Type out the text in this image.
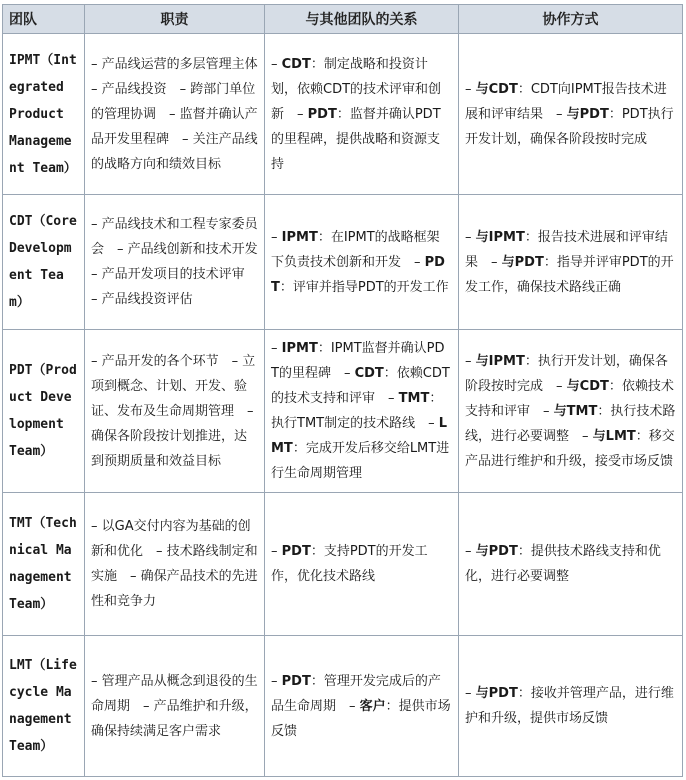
团队	职责	与其他团队的关系	协作方式
IPMT（Integrated Product Management Team）	– 产品线运营的多层管理主体　– 产品线投资　– 跨部门单位的管理协调　– 监督并确认产品开发里程碑　– 关注产品线的战略方向和绩效目标	– CDT：制定战略和投资计划，依赖CDT的技术评审和创新　– PDT：监督并确认PDT的里程碑，提供战略和资源支持	– 与CDT：CDT向IPMT报告技术进展和评审结果　– 与PDT：PDT执行开发计划，确保各阶段按时完成
CDT（Core Development Team）	– 产品线技术和工程专家委员会　– 产品线创新和技术开发　– 产品开发项目的技术评审　– 产品线投资评估	– IPMT：在IPMT的战略框架下负责技术创新和开发　– PDT：评审并指导PDT的开发工作	– 与IPMT：报告技术进展和评审结果　– 与PDT：指导并评审PDT的开发工作，确保技术路线正确
PDT（Product Development Team）	– 产品开发的各个环节　– 立项到概念、计划、开发、验证、发布及生命周期管理　– 确保各阶段按计划推进，达到预期质量和效益目标	– IPMT：IPMT监督并确认PDT的里程碑　– CDT：依赖CDT的技术支持和评审　– TMT：执行TMT制定的技术路线　– LMT：完成开发后移交给LMT进行生命周期管理	– 与IPMT：执行开发计划，确保各阶段按时完成　– 与CDT：依赖技术支持和评审　– 与TMT：执行技术路线，进行必要调整　– 与LMT：移交产品进行维护和升级，接受市场反馈
TMT（Technical Management Team）	– 以GA交付内容为基础的创新和优化　– 技术路线制定和实施　– 确保产品技术的先进性和竞争力	– PDT：支持PDT的开发工作，优化技术路线	– 与PDT：提供技术路线支持和优化，进行必要调整
LMT（Lifecycle Management Team）	– 管理产品从概念到退役的生命周期　– 产品维护和升级，确保持续满足客户需求	– PDT：管理开发完成后的产品生命周期　– 客户：提供市场反馈	– 与PDT：接收并管理产品，进行维护和升级，提供市场反馈
